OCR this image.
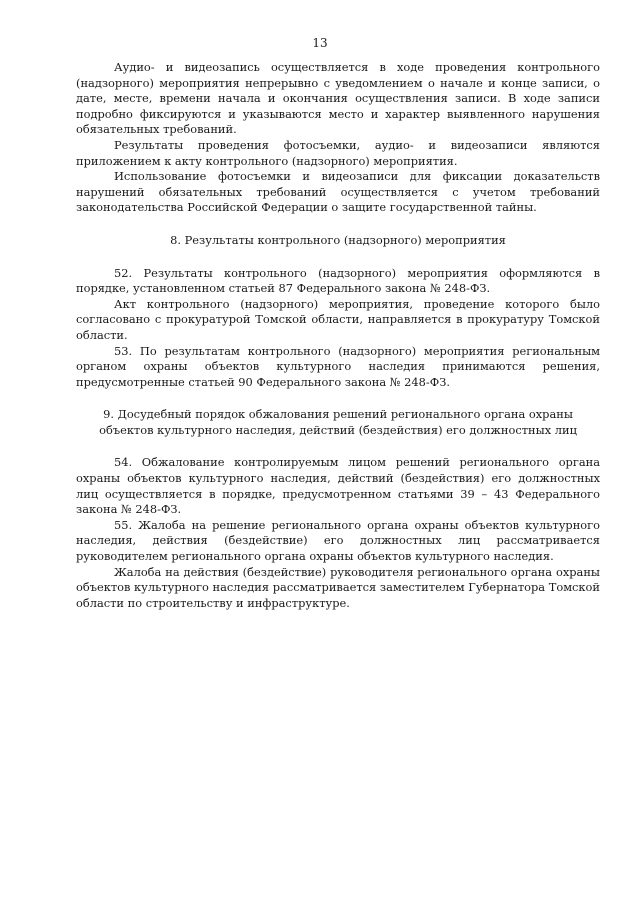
13

Аудио- и видеозапись осуществляется в ходе проведения контрольного (надзорного) мероприятия непрерывно с уведомлением о начале и конце записи, о дате, месте, времени начала и окончания осуществления записи. В ходе записи подробно фиксируются и указываются место и характер выявленного нарушения обязательных требований.

Результаты проведения фотосъемки, аудио- и видеозаписи являются приложением к акту контрольного (надзорного) мероприятия.

Использование фотосъемки и видеозаписи для фиксации доказательств нарушений обязательных требований осуществляется с учетом требований законодательства Российской Федерации о защите государственной тайны.

8. Результаты контрольного (надзорного) мероприятия

52. Результаты контрольного (надзорного) мероприятия оформляются в порядке, установленном статьей 87 Федерального закона № 248-ФЗ.

Акт контрольного (надзорного) мероприятия, проведение которого было согласовано с прокуратурой Томской области, направляется в прокуратуру Томской области.

53. По результатам контрольного (надзорного) мероприятия региональным органом охраны объектов культурного наследия принимаются решения, предусмотренные статьей 90 Федерального закона № 248-ФЗ.

9. Досудебный порядок обжалования решений регионального органа охраны

объектов культурного наследия, действий (бездействия) его должностных лиц

54. Обжалование контролируемым лицом решений регионального органа охраны объектов культурного наследия, действий (бездействия) его должностных лиц осуществляется в порядке, предусмотренном статьями 39 – 43 Федерального закона № 248-ФЗ.

55. Жалоба на решение регионального органа охраны объектов культурного наследия, действия (бездействие) его должностных лиц рассматривается руководителем регионального органа охраны объектов культурного наследия.

Жалоба на действия (бездействие) руководителя регионального органа охраны объектов культурного наследия рассматривается заместителем Губернатора Томской области по строительству и инфраструктуре.
